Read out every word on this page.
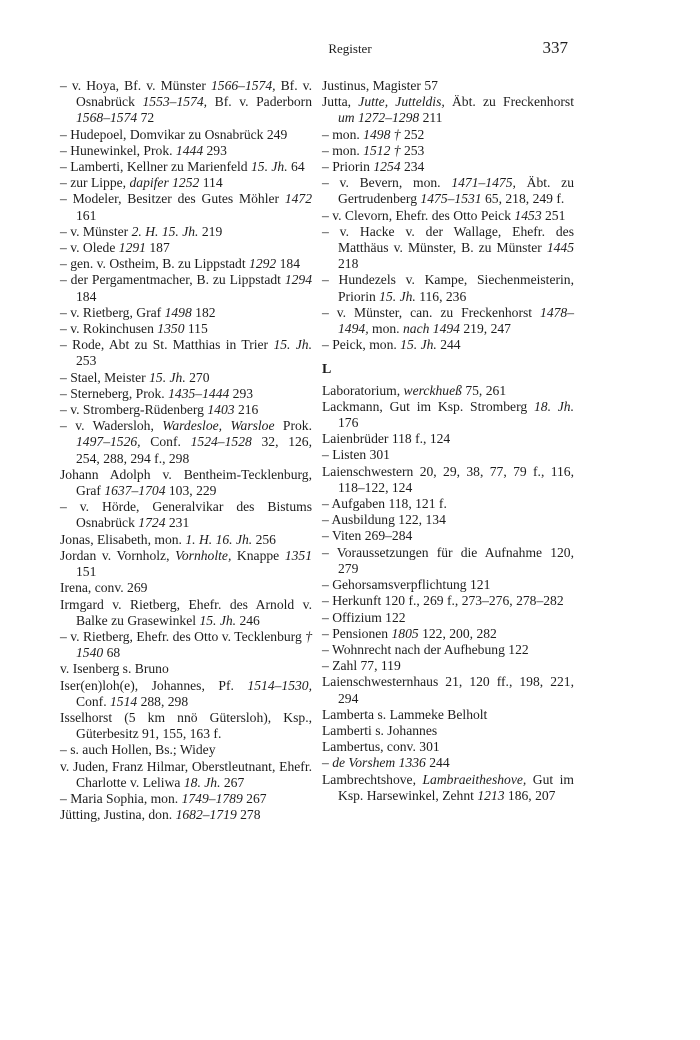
Register	337
– v. Hoya, Bf. v. Münster 1566–1574, Bf. v. Osnabrück 1553–1574, Bf. v. Paderborn 1568–1574 72
– Hudepoel, Domvikar zu Osnabrück 249
– Hunewinkel, Prok. 1444 293
– Lamberti, Kellner zu Marienfeld 15. Jh. 64
– zur Lippe, dapifer 1252 114
– Modeler, Besitzer des Gutes Möhler 1472 161
– v. Münster 2. H. 15. Jh. 219
– v. Olede 1291 187
– gen. v. Ostheim, B. zu Lippstadt 1292 184
– der Pergamentmacher, B. zu Lippstadt 1294 184
– v. Rietberg, Graf 1498 182
– v. Rokinchusen 1350 115
– Rode, Abt zu St. Matthias in Trier 15. Jh. 253
– Stael, Meister 15. Jh. 270
– Sterneberg, Prok. 1435–1444 293
– v. Stromberg-Rüdenberg 1403 216
– v. Wadersloh, Wardesloe, Warsloe Prok. 1497–1526, Conf. 1524–1528 32, 126, 254, 288, 294 f., 298
Johann Adolph v. Bentheim-Tecklenburg, Graf 1637–1704 103, 229
– v. Hörde, Generalvikar des Bistums Osnabrück 1724 231
Jonas, Elisabeth, mon. 1. H. 16. Jh. 256
Jordan v. Vornholz, Vornholte, Knappe 1351 151
Irena, conv. 269
Irmgard v. Rietberg, Ehefr. des Arnold v. Balke zu Grasewinkel 15. Jh. 246
– v. Rietberg, Ehefr. des Otto v. Tecklenburg † 1540 68
v. Isenberg s. Bruno
Iser(en)loh(e), Johannes, Pf. 1514–1530, Conf. 1514 288, 298
Isselhorst (5 km nnö Gütersloh), Ksp., Güterbesitz 91, 155, 163 f.
– s. auch Hollen, Bs.; Widey
v. Juden, Franz Hilmar, Oberstleutnant, Ehefr. Charlotte v. Leliwa 18. Jh. 267
– Maria Sophia, mon. 1749–1789 267
Jütting, Justina, don. 1682–1719 278
Justinus, Magister 57
Jutta, Jutte, Jutteldis, Äbt. zu Freckenhorst um 1272–1298 211
– mon. 1498 † 252
– mon. 1512 † 253
– Priorin 1254 234
– v. Bevern, mon. 1471–1475, Äbt. zu Gertrudenberg 1475–1531 65, 218, 249 f.
– v. Clevorn, Ehefr. des Otto Peick 1453 251
– v. Hacke v. der Wallage, Ehefr. des Matthäus v. Münster, B. zu Münster 1445 218
– Hundezels v. Kampe, Siechenmeisterin, Priorin 15. Jh. 116, 236
– v. Münster, can. zu Freckenhorst 1478–1494, mon. nach 1494 219, 247
– Peick, mon. 15. Jh. 244
L
Laboratorium, werckhueß 75, 261
Lackmann, Gut im Ksp. Stromberg 18. Jh. 176
Laienbrüder 118 f., 124
– Listen 301
Laienschwestern 20, 29, 38, 77, 79 f., 116, 118–122, 124
– Aufgaben 118, 121 f.
– Ausbildung 122, 134
– Viten 269–284
– Voraussetzungen für die Aufnahme 120, 279
– Gehorsamsverpflichtung 121
– Herkunft 120 f., 269 f., 273–276, 278–282
– Offizium 122
– Pensionen 1805 122, 200, 282
– Wohnrecht nach der Aufhebung 122
– Zahl 77, 119
Laienschwesternhaus 21, 120 ff., 198, 221, 294
Lamberta s. Lammeke Belholt
Lamberti s. Johannes
Lambertus, conv. 301
– de Vorshem 1336 244
Lambrechtshove, Lambraeitheshove, Gut im Ksp. Harsewinkel, Zehnt 1213 186, 207
